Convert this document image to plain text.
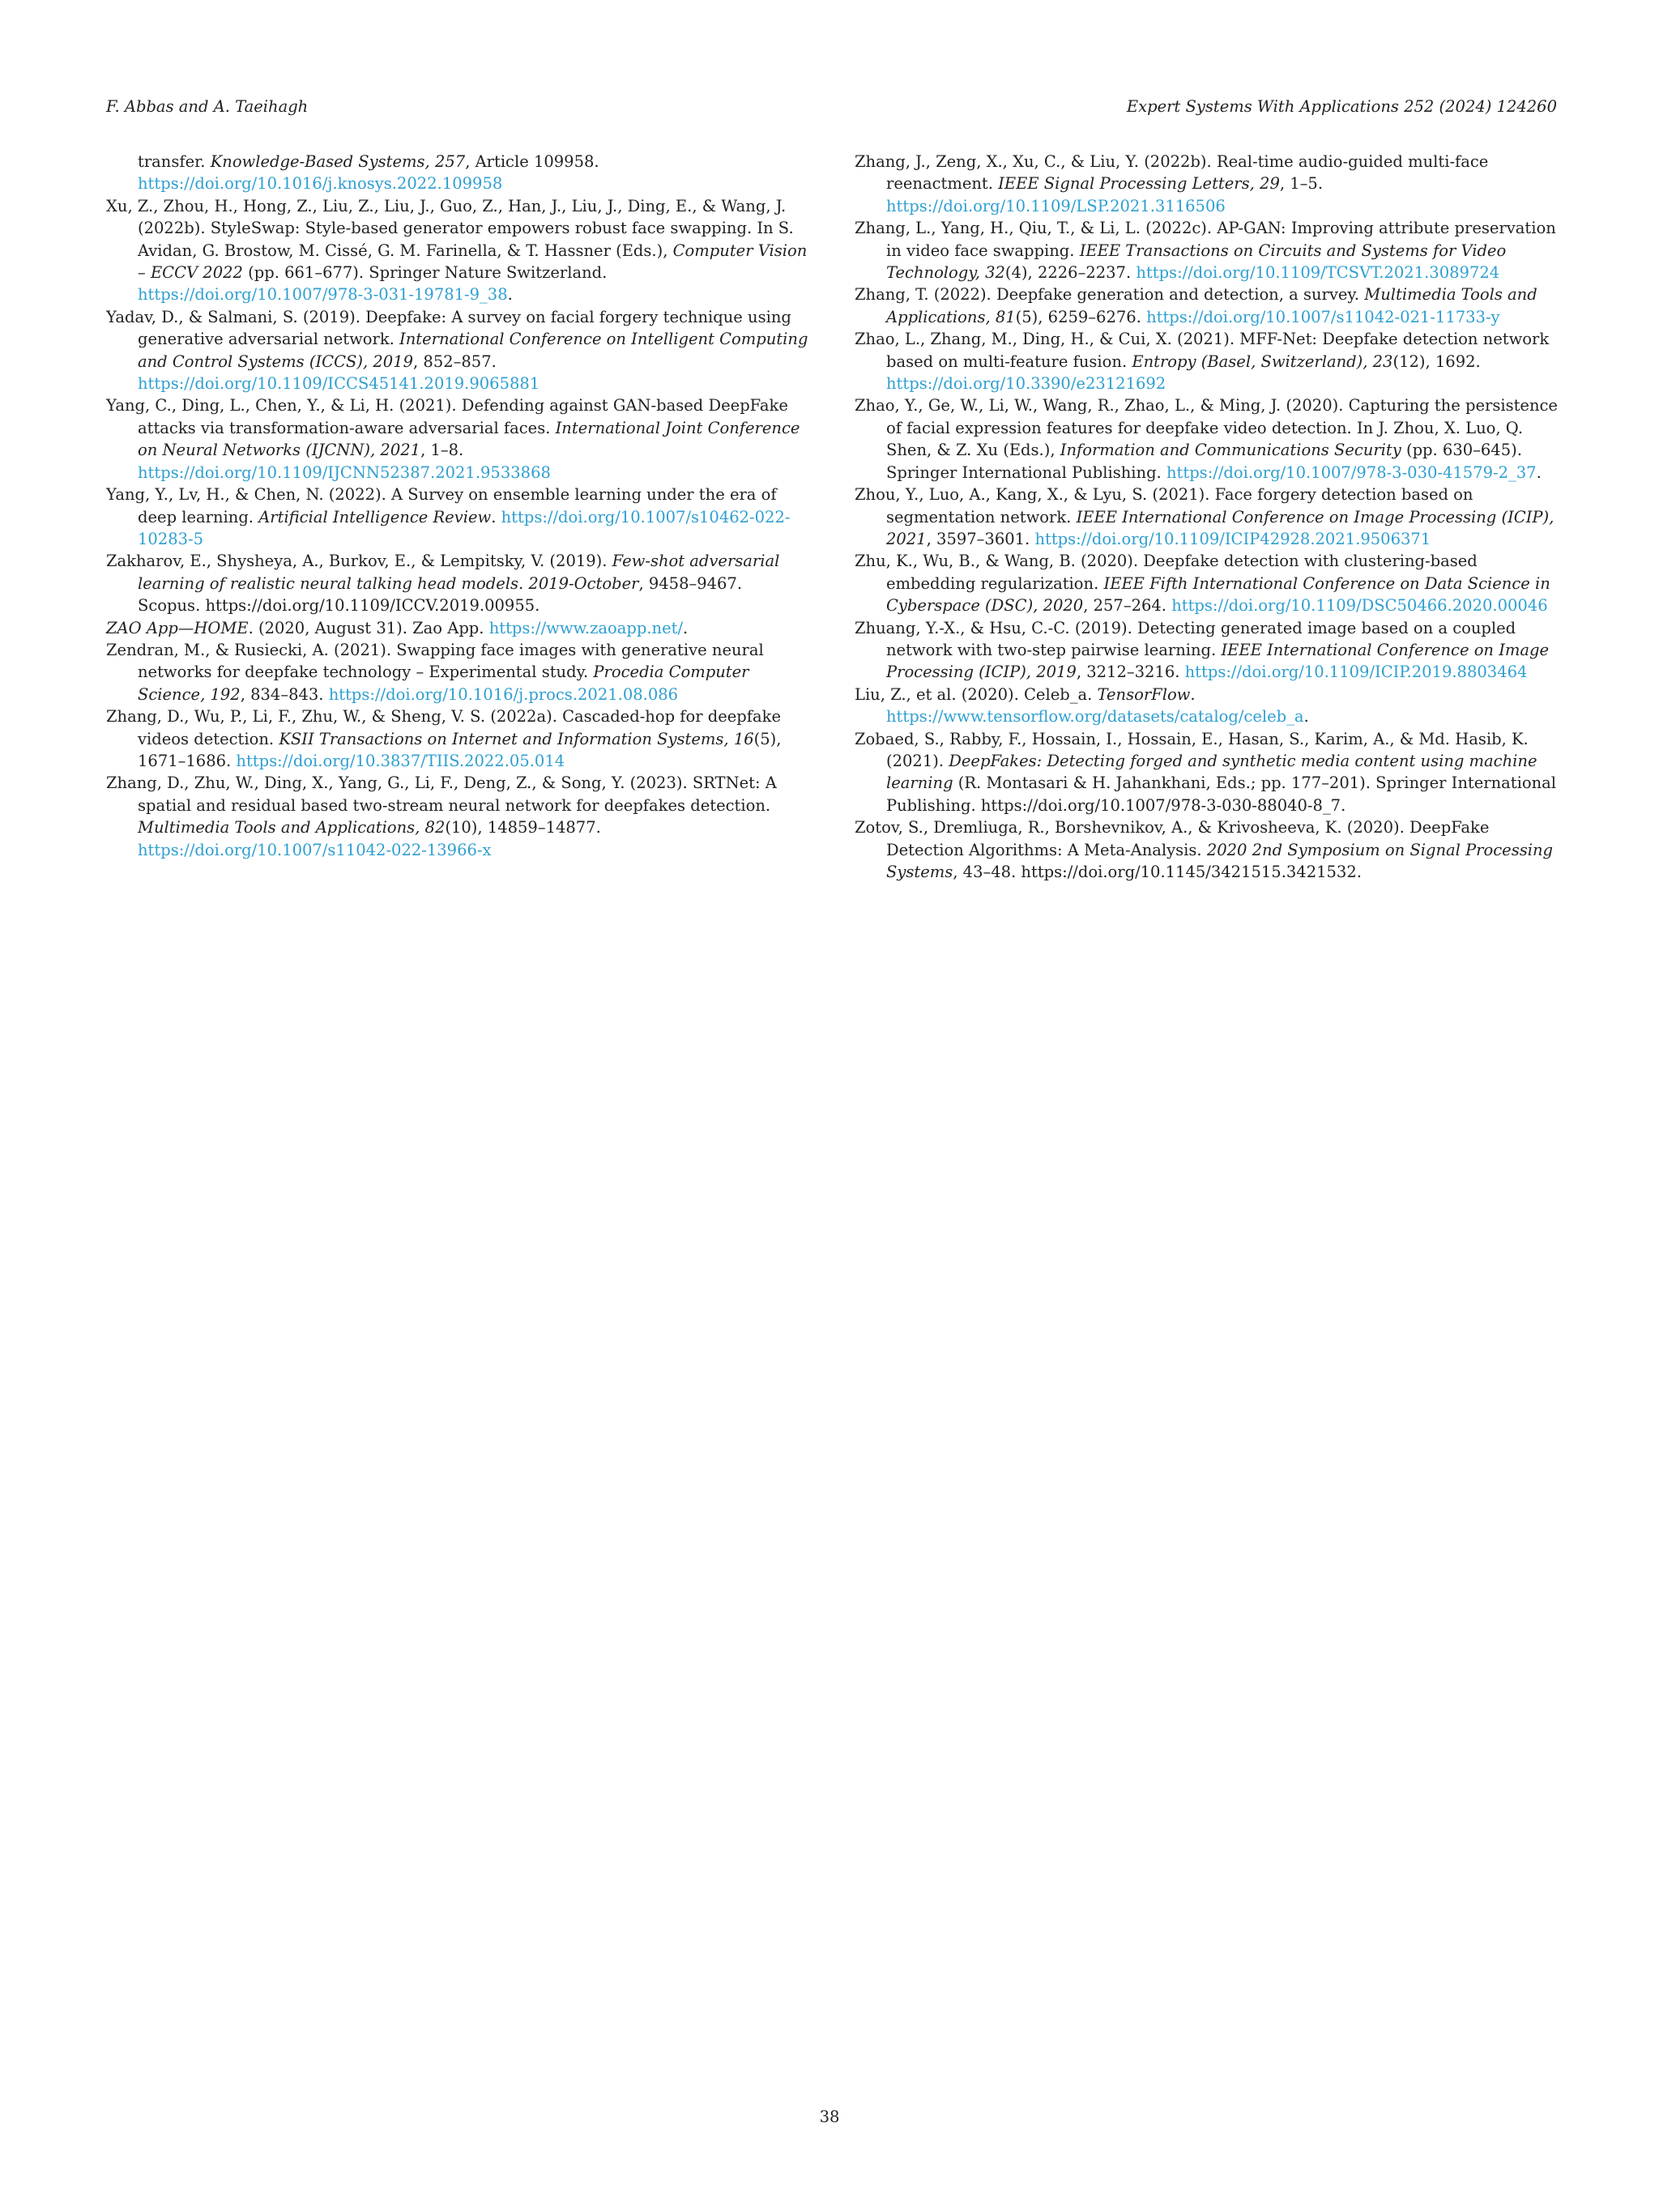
F. Abbas and A. Taeihagh	Expert Systems With Applications 252 (2024) 124260

transfer. Knowledge-Based Systems, 257, Article 109958. https://doi.org/10.1016/j.knosys.2022.109958

Xu, Z., Zhou, H., Hong, Z., Liu, Z., Liu, J., Guo, Z., Han, J., Liu, J., Ding, E., & Wang, J. (2022b). StyleSwap: Style-based generator empowers robust face swapping. In S. Avidan, G. Brostow, M. Cissé, G. M. Farinella, & T. Hassner (Eds.), Computer Vision – ECCV 2022 (pp. 661–677). Springer Nature Switzerland. https://doi.org/10.1007/978-3-031-19781-9_38.

Yadav, D., & Salmani, S. (2019). Deepfake: A survey on facial forgery technique using generative adversarial network. International Conference on Intelligent Computing and Control Systems (ICCS), 2019, 852–857. https://doi.org/10.1109/ICCS45141.2019.9065881

Yang, C., Ding, L., Chen, Y., & Li, H. (2021). Defending against GAN-based DeepFake attacks via transformation-aware adversarial faces. International Joint Conference on Neural Networks (IJCNN), 2021, 1–8. https://doi.org/10.1109/IJCNN52387.2021.9533868

Yang, Y., Lv, H., & Chen, N. (2022). A Survey on ensemble learning under the era of deep learning. Artificial Intelligence Review. https://doi.org/10.1007/s10462-022-10283-5

Zakharov, E., Shysheya, A., Burkov, E., & Lempitsky, V. (2019). Few-shot adversarial learning of realistic neural talking head models. 2019-October, 9458–9467. Scopus. https://doi.org/10.1109/ICCV.2019.00955.

ZAO App—HOME. (2020, August 31). Zao App. https://www.zaoapp.net/.

Zendran, M., & Rusiecki, A. (2021). Swapping face images with generative neural networks for deepfake technology – Experimental study. Procedia Computer Science, 192, 834–843. https://doi.org/10.1016/j.procs.2021.08.086

Zhang, D., Wu, P., Li, F., Zhu, W., & Sheng, V. S. (2022a). Cascaded-hop for deepfake videos detection. KSII Transactions on Internet and Information Systems, 16(5), 1671–1686. https://doi.org/10.3837/TIIS.2022.05.014

Zhang, D., Zhu, W., Ding, X., Yang, G., Li, F., Deng, Z., & Song, Y. (2023). SRTNet: A spatial and residual based two-stream neural network for deepfakes detection. Multimedia Tools and Applications, 82(10), 14859–14877. https://doi.org/10.1007/s11042-022-13966-x

Zhang, J., Zeng, X., Xu, C., & Liu, Y. (2022b). Real-time audio-guided multi-face reenactment. IEEE Signal Processing Letters, 29, 1–5. https://doi.org/10.1109/LSP.2021.3116506

Zhang, L., Yang, H., Qiu, T., & Li, L. (2022c). AP-GAN: Improving attribute preservation in video face swapping. IEEE Transactions on Circuits and Systems for Video Technology, 32(4), 2226–2237. https://doi.org/10.1109/TCSVT.2021.3089724

Zhang, T. (2022). Deepfake generation and detection, a survey. Multimedia Tools and Applications, 81(5), 6259–6276. https://doi.org/10.1007/s11042-021-11733-y

Zhao, L., Zhang, M., Ding, H., & Cui, X. (2021). MFF-Net: Deepfake detection network based on multi-feature fusion. Entropy (Basel, Switzerland), 23(12), 1692. https://doi.org/10.3390/e23121692

Zhao, Y., Ge, W., Li, W., Wang, R., Zhao, L., & Ming, J. (2020). Capturing the persistence of facial expression features for deepfake video detection. In J. Zhou, X. Luo, Q. Shen, & Z. Xu (Eds.), Information and Communications Security (pp. 630–645). Springer International Publishing. https://doi.org/10.1007/978-3-030-41579-2_37.

Zhou, Y., Luo, A., Kang, X., & Lyu, S. (2021). Face forgery detection based on segmentation network. IEEE International Conference on Image Processing (ICIP), 2021, 3597–3601. https://doi.org/10.1109/ICIP42928.2021.9506371

Zhu, K., Wu, B., & Wang, B. (2020). Deepfake detection with clustering-based embedding regularization. IEEE Fifth International Conference on Data Science in Cyberspace (DSC), 2020, 257–264. https://doi.org/10.1109/DSC50466.2020.00046

Zhuang, Y.-X., & Hsu, C.-C. (2019). Detecting generated image based on a coupled network with two-step pairwise learning. IEEE International Conference on Image Processing (ICIP), 2019, 3212–3216. https://doi.org/10.1109/ICIP.2019.8803464

Liu, Z., et al. (2020). Celeb_a. TensorFlow. https://www.tensorflow.org/datasets/catalog/celeb_a.

Zobaed, S., Rabby, F., Hossain, I., Hossain, E., Hasan, S., Karim, A., & Md. Hasib, K. (2021). DeepFakes: Detecting forged and synthetic media content using machine learning (R. Montasari & H. Jahankhani, Eds.; pp. 177–201). Springer International Publishing. https://doi.org/10.1007/978-3-030-88040-8_7.

Zotov, S., Dremliuga, R., Borshevnikov, A., & Krivosheeva, K. (2020). DeepFake Detection Algorithms: A Meta-Analysis. 2020 2nd Symposium on Signal Processing Systems, 43–48. https://doi.org/10.1145/3421515.3421532.

38
